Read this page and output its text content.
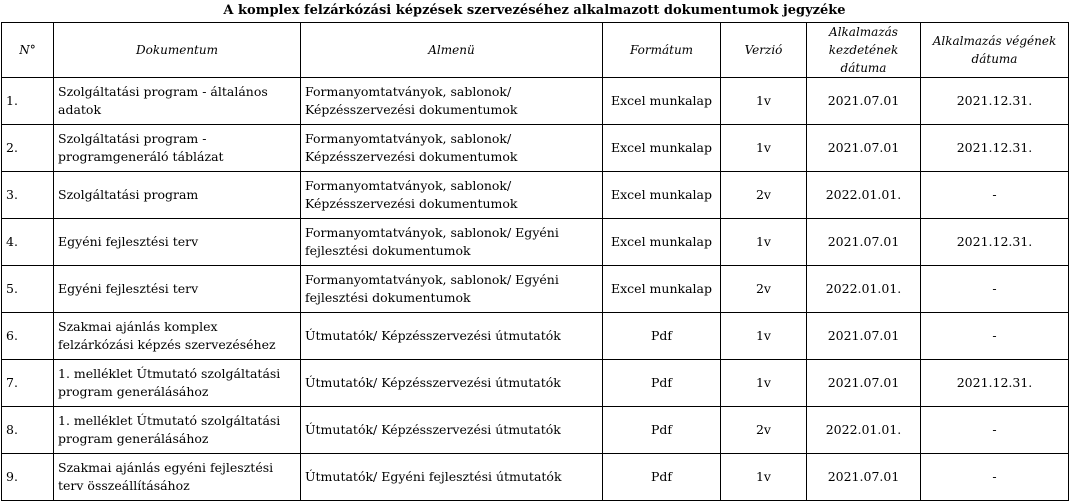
A komplex felzárkózási képzések szervezéséhez alkalmazott dokumentumok jegyzéke
N°	Dokumentum	Almenü	Formátum	Verzió	Alkalmazás kezdetének dátuma	Alkalmazás végének dátuma
1.	Szolgáltatási program - általános adatok	Formanyomtatványok, sablonok/ Képzésszervezési dokumentumok	Excel munkalap	1v	2021.07.01	2021.12.31.
2.	Szolgáltatási program - programgeneráló táblázat	Formanyomtatványok, sablonok/ Képzésszervezési dokumentumok	Excel munkalap	1v	2021.07.01	2021.12.31.
3.	Szolgáltatási program	Formanyomtatványok, sablonok/ Képzésszervezési dokumentumok	Excel munkalap	2v	2022.01.01.	-
4.	Egyéni fejlesztési terv	Formanyomtatványok, sablonok/ Egyéni fejlesztési dokumentumok	Excel munkalap	1v	2021.07.01	2021.12.31.
5.	Egyéni fejlesztési terv	Formanyomtatványok, sablonok/ Egyéni fejlesztési dokumentumok	Excel munkalap	2v	2022.01.01.	-
6.	Szakmai ajánlás komplex felzárkózási képzés szervezéséhez	Útmutatók/ Képzésszervezési útmutatók	Pdf	1v	2021.07.01	-
7.	1. melléklet Útmutató szolgáltatási program generálásához	Útmutatók/ Képzésszervezési útmutatók	Pdf	1v	2021.07.01	2021.12.31.
8.	1. melléklet Útmutató szolgáltatási program generálásához	Útmutatók/ Képzésszervezési útmutatók	Pdf	2v	2022.01.01.	-
9.	Szakmai ajánlás egyéni fejlesztési terv összeállításához	Útmutatók/ Egyéni fejlesztési útmutatók	Pdf	1v	2021.07.01	-
